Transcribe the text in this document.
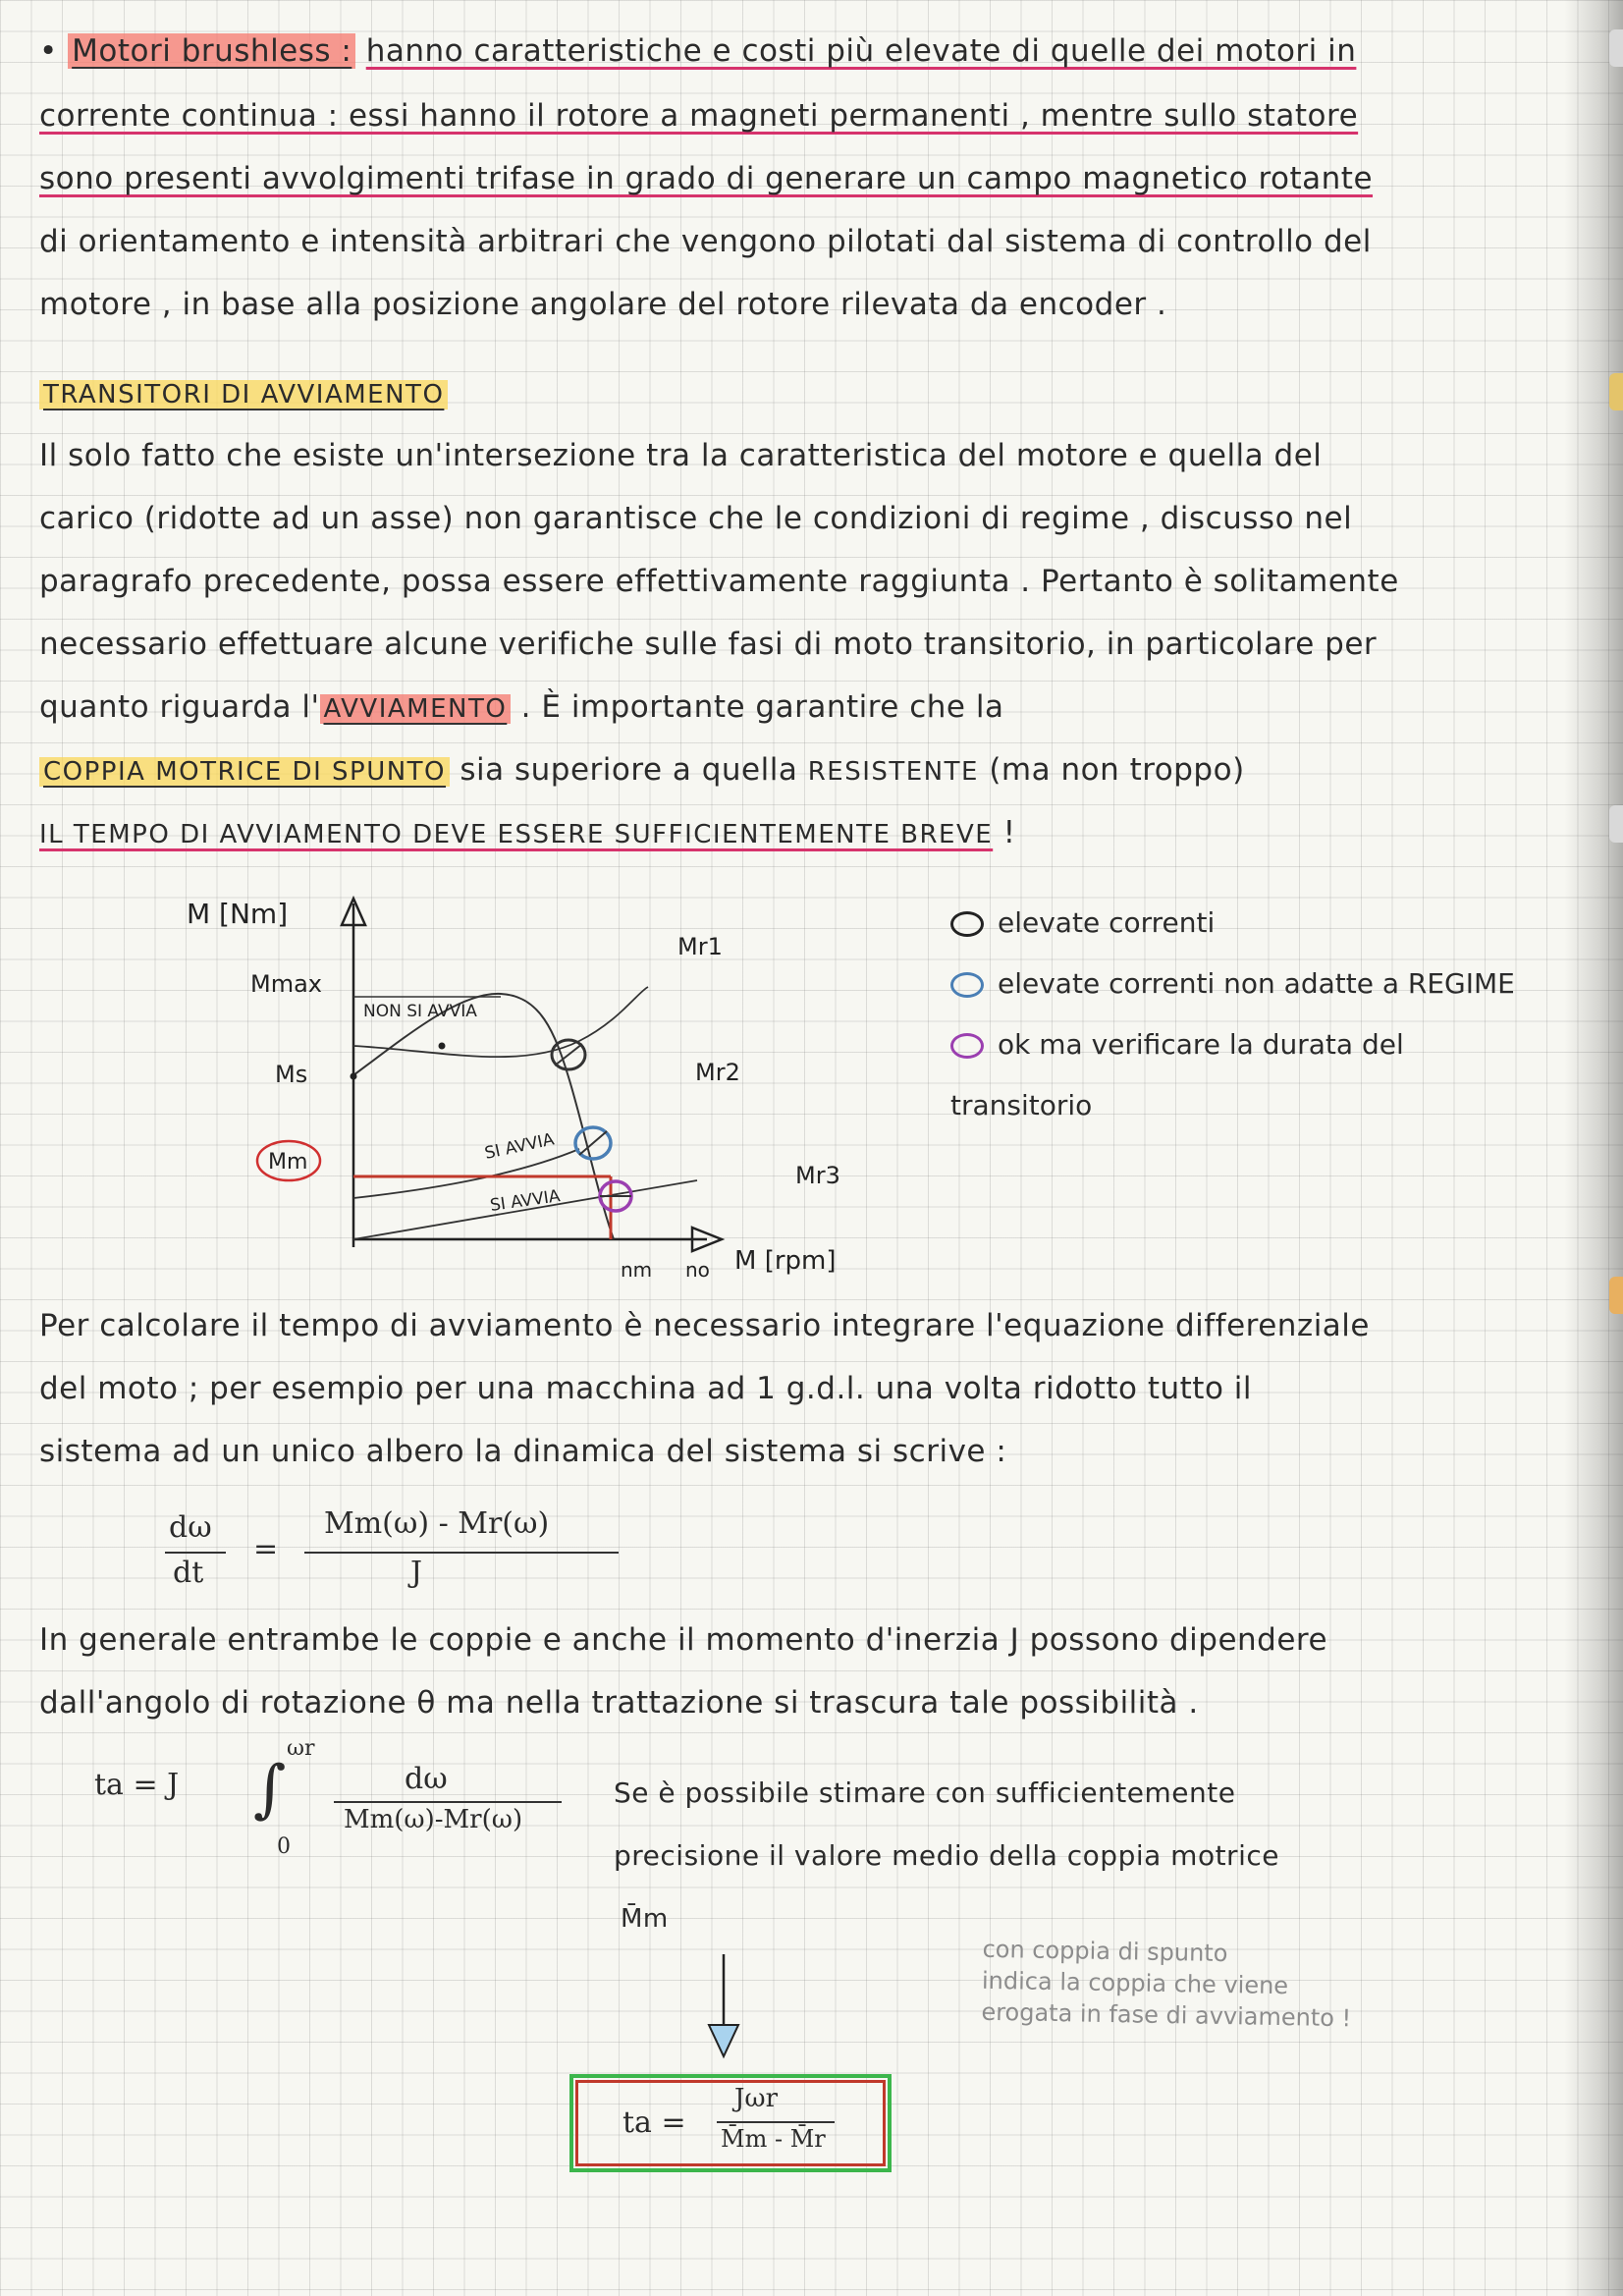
• Motori brushless : hanno caratteristiche e costi più elevate di quelle dei motori in
corrente continua : essi hanno il rotore a magneti permanenti , mentre sullo statore
sono presenti avvolgimenti trifase in grado di generare un campo magnetico rotante
di orientamento e intensità arbitrari che vengono pilotati dal sistema di controllo del
motore , in base alla posizione angolare del rotore rilevata da encoder .
TRANSITORI DI AVVIAMENTO
Il solo fatto che esiste un'intersezione tra la caratteristica del motore e quella del
carico (ridotte ad un asse) non garantisce che le condizioni di regime , discusso nel
paragrafo precedente, possa essere effettivamente raggiunta . Pertanto è solitamente
necessario effettuare alcune verifiche sulle fasi di moto transitorio, in particolare per
quanto riguarda l' AVVIAMENTO . È importante garantire che la
COPPIA MOTRICE DI SPUNTO sia superiore a quella RESISTENTE (ma non troppo)
IL TEMPO DI AVVIAMENTO DEVE ESSERE SUFFICIENTEMENTE BREVE !
M [Nm]
Mmax
Ms
Mm
NON SI AVVIA
SI AVVIA
SI AVVIA
Mr1
Mr2
Mr3
nm no M [rpm]
elevate correnti
elevate correnti non adatte a REGIME
ok ma verificare la durata del
transitorio
Per calcolare il tempo di avviamento è necessario integrare l'equazione differenziale
del moto ; per esempio per una macchina ad 1 g.d.l. una volta ridotto tutto il
sistema ad un unico albero la dinamica del sistema si scrive :
dω
dt
=
Mm(ω) - Mr(ω)
J
In generale entrambe le coppie e anche il momento d'inerzia J possono dipendere
dall'angolo di rotazione θ ma nella trattazione si trascura tale possibilità .
ta = J ∫
ωr
0
dω
Mm(ω)-Mr(ω)
Se è possibile stimare con sufficientemente
precisione il valore medio della coppia motrice
M̄m
con coppia di spunto
indica la coppia che viene
erogata in fase di avviamento !
ta =
Jωr
M̄m - M̄r
